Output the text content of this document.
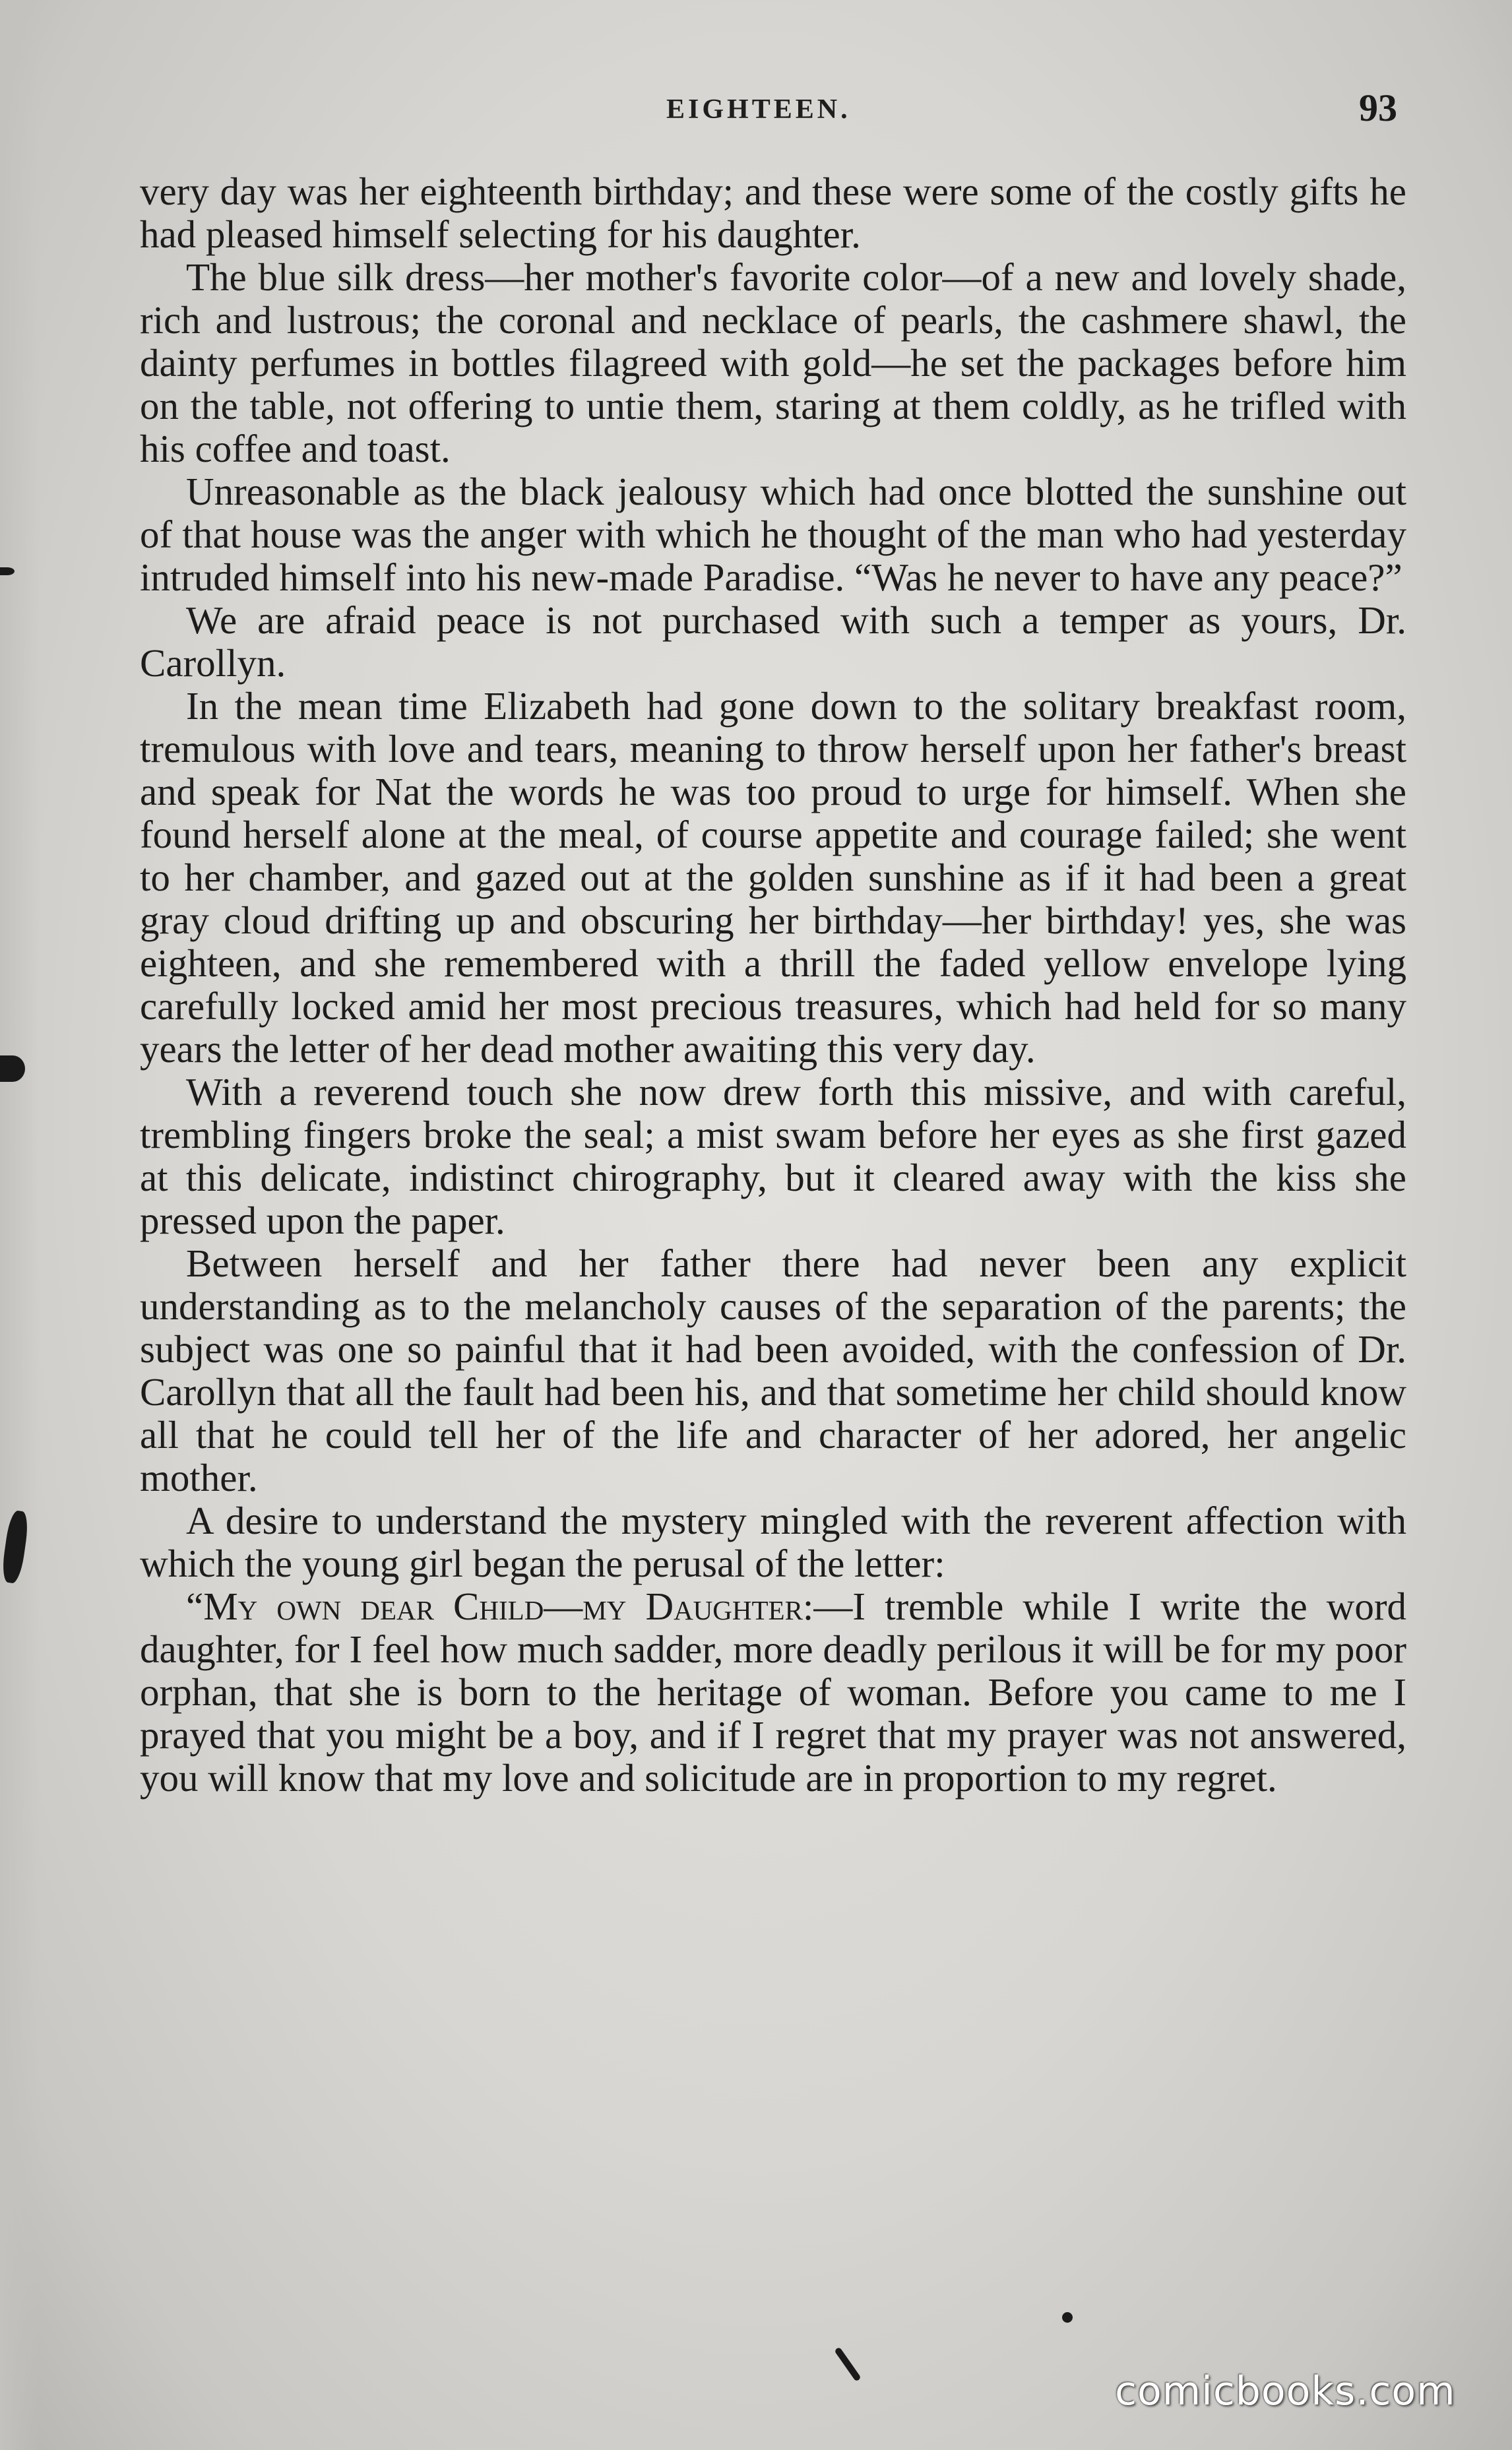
EIGHTEEN.	93

very day was her eighteenth birthday; and these were some of the costly gifts he had pleased himself selecting for his daughter.

The blue silk dress—her mother's favorite color—of a new and lovely shade, rich and lustrous; the coronal and necklace of pearls, the cashmere shawl, the dainty perfumes in bottles filagreed with gold—he set the packages before him on the table, not offering to untie them, staring at them coldly, as he trifled with his coffee and toast.

Unreasonable as the black jealousy which had once blotted the sunshine out of that house was the anger with which he thought of the man who had yesterday intruded himself into his new-made Paradise. “Was he never to have any peace?”

We are afraid peace is not purchased with such a temper as yours, Dr. Carollyn.

In the mean time Elizabeth had gone down to the solitary breakfast room, tremulous with love and tears, meaning to throw herself upon her father's breast and speak for Nat the words he was too proud to urge for himself. When she found herself alone at the meal, of course appetite and courage failed; she went to her chamber, and gazed out at the golden sunshine as if it had been a great gray cloud drifting up and obscuring her birthday—her birthday! yes, she was eighteen, and she remembered with a thrill the faded yellow envelope lying carefully locked amid her most precious treasures, which had held for so many years the letter of her dead mother awaiting this very day.

With a reverend touch she now drew forth this missive, and with careful, trembling fingers broke the seal; a mist swam before her eyes as she first gazed at this delicate, indistinct chirography, but it cleared away with the kiss she pressed upon the paper.

Between herself and her father there had never been any explicit understanding as to the melancholy causes of the separation of the parents; the subject was one so painful that it had been avoided, with the confession of Dr. Carollyn that all the fault had been his, and that sometime her child should know all that he could tell her of the life and character of her adored, her angelic mother.

A desire to understand the mystery mingled with the reverent affection with which the young girl began the perusal of the letter:

“My own dear Child—my Daughter:—I tremble while I write the word daughter, for I feel how much sadder, more deadly perilous it will be for my poor orphan, that she is born to the heritage of woman. Before you came to me I prayed that you might be a boy, and if I regret that my prayer was not answered, you will know that my love and solicitude are in proportion to my regret.

comicbooks.com
